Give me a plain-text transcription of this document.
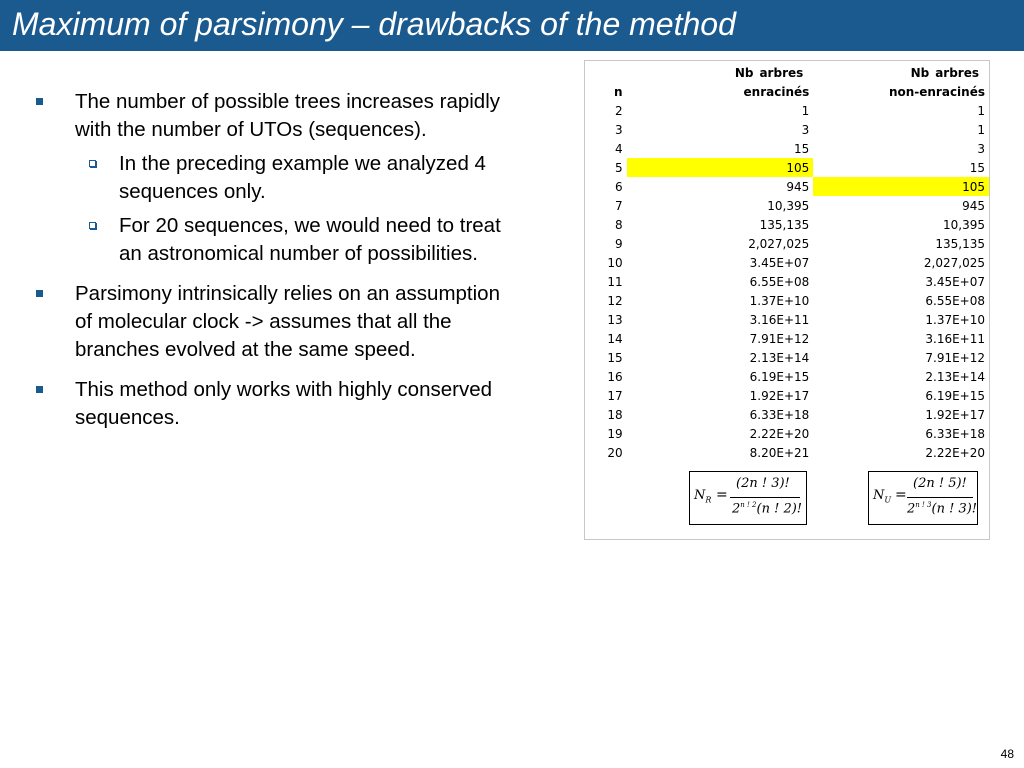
Maximum of parsimony – drawbacks of the method
The number of possible trees increases rapidly with the number of UTOs (sequences).
In the preceding example we analyzed 4 sequences only.
For 20 sequences, we would need to treat an astronomical number of possibilities.
Parsimony intrinsically relies on an assumption of molecular clock -> assumes that all the branches evolved at the same speed.
This method only works with highly conserved sequences.
	Nb arbres 	Nb arbres 
n	enracinés	non-enracinés
2	1	1
3	3	1
4	15	3
5	105	15
6	945	105
7	10,395	945
8	135,135	10,395
9	2,027,025	135,135
10	3.45E+07	2,027,025
11	6.55E+08	3.45E+07
12	1.37E+10	6.55E+08
13	3.16E+11	1.37E+10
14	7.91E+12	3.16E+11
15	2.13E+14	7.91E+12
16	6.19E+15	2.13E+14
17	1.92E+17	6.19E+15
18	6.33E+18	1.92E+17
19	2.22E+20	6.33E+18
20	8.20E+21	2.22E+20
$N_R$ =
(2n ! 3)!
$2^{n ! 2}(n$ ! 2)!
$N_U$ =
(2n ! 5)!
$2^{n ! 3}(n$ ! 3)!
48
